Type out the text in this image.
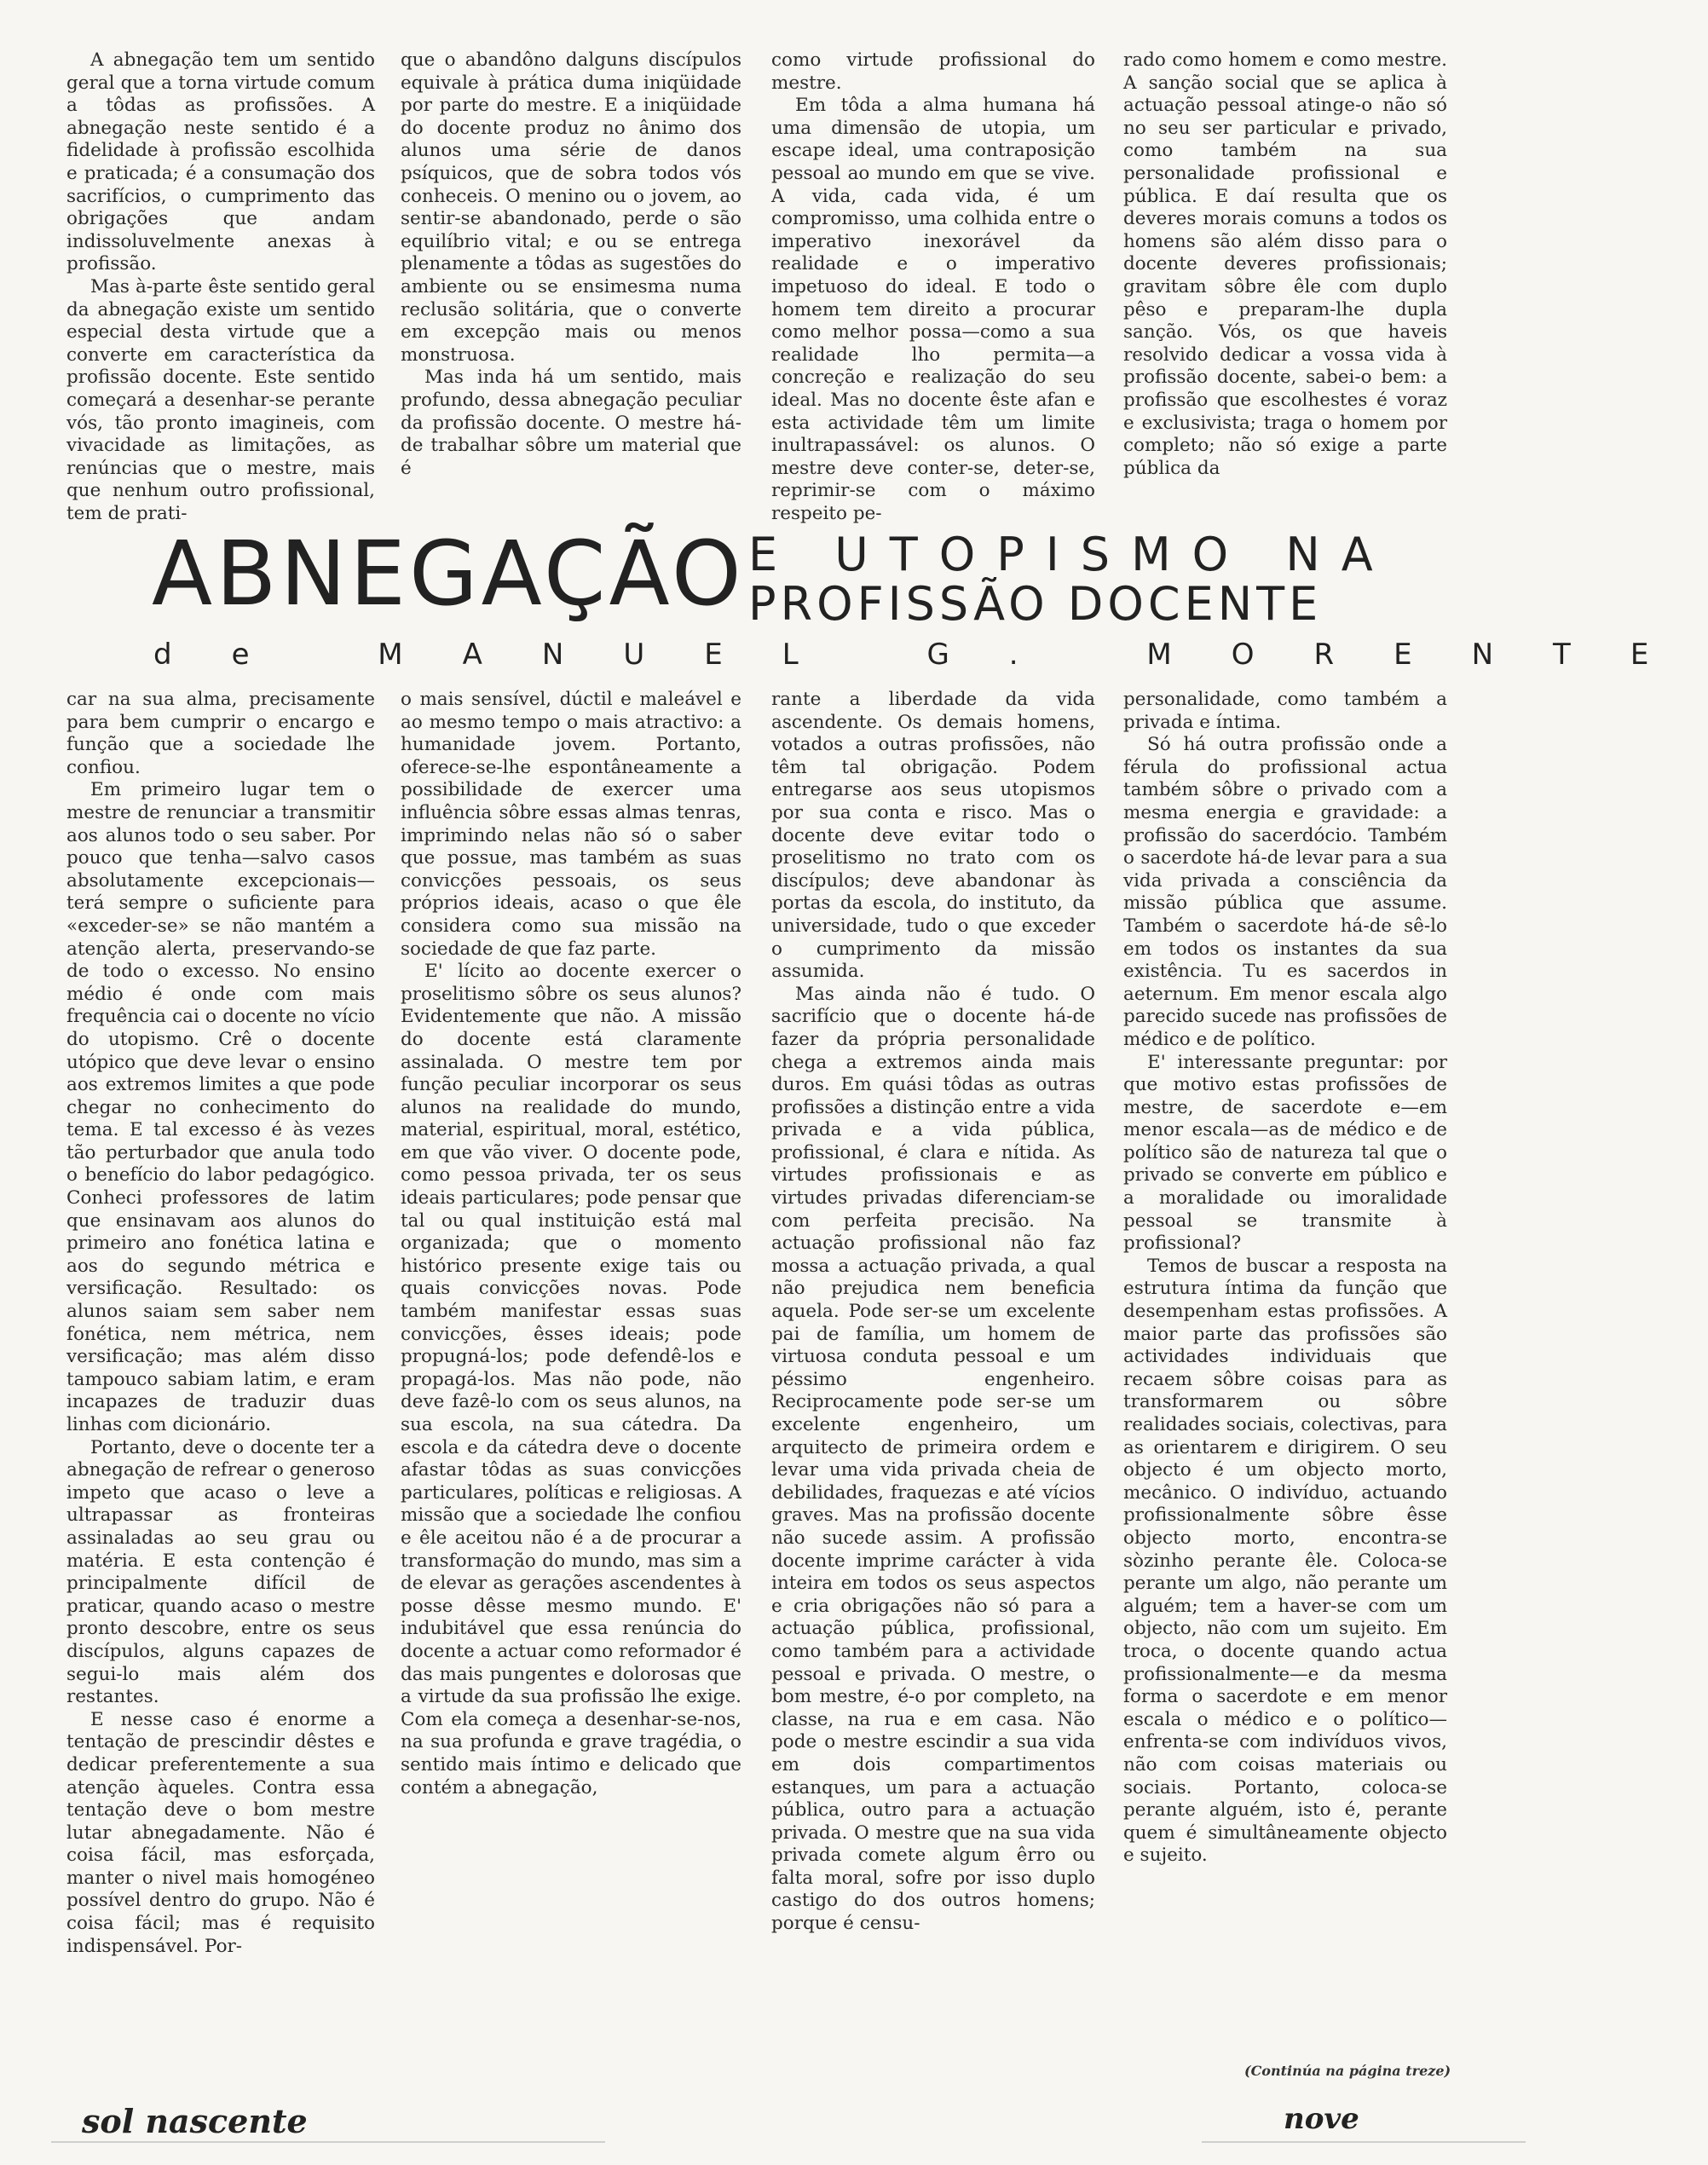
A abnegação tem um sentido geral que a torna virtude comum a tôdas as profissões. A abnegação neste sentido é a fidelidade à profissão escolhida e praticada; é a consumação dos sacrifícios, o cumprimento das obrigações que andam indissoluvelmente anexas à profissão.

Mas à-parte êste sentido geral da abnegação existe um sentido especial desta virtude que a converte em característica da profissão docente. Este sentido começará a desenhar-se perante vós, tão pronto imagineis, com vivacidade as limitações, as renúncias que o mestre, mais que nenhum outro profissional, tem de prati-

que o abandôno dalguns discípulos equivale à prática duma iniqüidade por parte do mestre. E a iniqüidade do docente produz no ânimo dos alunos uma série de danos psíquicos, que de sobra todos vós conheceis. O menino ou o jovem, ao sentir-se abandonado, perde o são equilíbrio vital; e ou se entrega plenamente a tôdas as sugestões do ambiente ou se ensimesma numa reclusão solitária, que o converte em excepção mais ou menos monstruosa.

Mas inda há um sentido, mais profundo, dessa abnegação peculiar da profissão docente. O mestre há-de trabalhar sôbre um material que é

como virtude profissional do mestre.

Em tôda a alma humana há uma dimensão de utopia, um escape ideal, uma contraposição pessoal ao mundo em que se vive. A vida, cada vida, é um compromisso, uma colhida entre o imperativo inexorável da realidade e o imperativo impetuoso do ideal. E todo o homem tem direito a procurar como melhor possa—como a sua realidade lho permita—a concreção e realização do seu ideal. Mas no docente êste afan e esta actividade têm um limite inultrapassável: os alunos. O mestre deve conter-se, deter-se, reprimir-se com o máximo respeito pe-

rado como homem e como mestre. A sanção social que se aplica à actuação pessoal atinge-o não só no seu ser particular e privado, como também na sua personalidade profissional e pública. E daí resulta que os deveres morais comuns a todos os homens são além disso para o docente deveres profissionais; gravitam sôbre êle com duplo pêso e preparam-lhe dupla sanção. Vós, os que haveis resolvido dedicar a vossa vida à profissão docente, sabei-o bem: a profissão que escolhestes é voraz e exclusivista; traga o homem por completo; não só exige a parte pública da

ABNEGAÇÃO E UTOPISMO NA
PROFISSÃO DOCENTE
de MANUEL G. MORENTE

car na sua alma, precisamente para bem cumprir o encargo e função que a sociedade lhe confiou.

Em primeiro lugar tem o mestre de renunciar a transmitir aos alunos todo o seu saber. Por pouco que tenha—salvo casos absolutamente excepcionais—terá sempre o suficiente para «exceder-se» se não mantém a atenção alerta, preservando-se de todo o excesso. No ensino médio é onde com mais frequência cai o docente no vício do utopismo. Crê o docente utópico que deve levar o ensino aos extremos limites a que pode chegar no conhecimento do tema. E tal excesso é às vezes tão perturbador que anula todo o benefício do labor pedagógico. Conheci professores de latim que ensinavam aos alunos do primeiro ano fonética latina e aos do segundo métrica e versificação. Resultado: os alunos saiam sem saber nem fonética, nem métrica, nem versificação; mas além disso tampouco sabiam latim, e eram incapazes de traduzir duas linhas com dicionário.

Portanto, deve o docente ter a abnegação de refrear o generoso impeto que acaso o leve a ultrapassar as fronteiras assinaladas ao seu grau ou matéria. E esta contenção é principalmente difícil de praticar, quando acaso o mestre pronto descobre, entre os seus discípulos, alguns capazes de segui-lo mais além dos restantes.

E nesse caso é enorme a tentação de prescindir dêstes e dedicar preferentemente a sua atenção àqueles. Contra essa tentação deve o bom mestre lutar abnegadamente. Não é coisa fácil, mas esforçada, manter o nivel mais homogéneo possível dentro do grupo. Não é coisa fácil; mas é requisito indispensável. Por-

o mais sensível, dúctil e maleável e ao mesmo tempo o mais atractivo: a humanidade jovem. Portanto, oferece-se-lhe espontâneamente a possibilidade de exercer uma influência sôbre essas almas tenras, imprimindo nelas não só o saber que possue, mas também as suas convicções pessoais, os seus próprios ideais, acaso o que êle considera como sua missão na sociedade de que faz parte.

E' lícito ao docente exercer o proselitismo sôbre os seus alunos? Evidentemente que não. A missão do docente está claramente assinalada. O mestre tem por função peculiar incorporar os seus alunos na realidade do mundo, material, espiritual, moral, estético, em que vão viver. O docente pode, como pessoa privada, ter os seus ideais particulares; pode pensar que tal ou qual instituição está mal organizada; que o momento histórico presente exige tais ou quais convicções novas. Pode também manifestar essas suas convicções, êsses ideais; pode propugná-los; pode defendê-los e propagá-los. Mas não pode, não deve fazê-lo com os seus alunos, na sua escola, na sua cátedra. Da escola e da cátedra deve o docente afastar tôdas as suas convicções particulares, políticas e religiosas. A missão que a sociedade lhe confiou e êle aceitou não é a de procurar a transformação do mundo, mas sim a de elevar as gerações ascendentes à posse dêsse mesmo mundo. E' indubitável que essa renúncia do docente a actuar como reformador é das mais pungentes e dolorosas que a virtude da sua profissão lhe exige. Com ela começa a desenhar-se-nos, na sua profunda e grave tragédia, o sentido mais íntimo e delicado que contém a abnegação,

rante a liberdade da vida ascendente. Os demais homens, votados a outras profissões, não têm tal obrigação. Podem entregarse aos seus utopismos por sua conta e risco. Mas o docente deve evitar todo o proselitismo no trato com os discípulos; deve abandonar às portas da escola, do instituto, da universidade, tudo o que exceder o cumprimento da missão assumida.

Mas ainda não é tudo. O sacrifício que o docente há-de fazer da própria personalidade chega a extremos ainda mais duros. Em quási tôdas as outras profissões a distinção entre a vida privada e a vida pública, profissional, é clara e nítida. As virtudes profissionais e as virtudes privadas diferenciam-se com perfeita precisão. Na actuação profissional não faz mossa a actuação privada, a qual não prejudica nem beneficia aquela. Pode ser-se um excelente pai de família, um homem de virtuosa conduta pessoal e um péssimo engenheiro. Reciprocamente pode ser-se um excelente engenheiro, um arquitecto de primeira ordem e levar uma vida privada cheia de debilidades, fraquezas e até vícios graves. Mas na profissão docente não sucede assim. A profissão docente imprime carácter à vida inteira em todos os seus aspectos e cria obrigações não só para a actuação pública, profissional, como também para a actividade pessoal e privada. O mestre, o bom mestre, é-o por completo, na classe, na rua e em casa. Não pode o mestre escindir a sua vida em dois compartimentos estanques, um para a actuação pública, outro para a actuação privada. O mestre que na sua vida privada comete algum êrro ou falta moral, sofre por isso duplo castigo do dos outros homens; porque é censu-

personalidade, como também a privada e íntima.

Só há outra profissão onde a férula do profissional actua também sôbre o privado com a mesma energia e gravidade: a profissão do sacerdócio. Também o sacerdote há-de levar para a sua vida privada a consciência da missão pública que assume. Também o sacerdote há-de sê-lo em todos os instantes da sua existência. Tu es sacerdos in aeternum. Em menor escala algo parecido sucede nas profissões de médico e de político.

E' interessante preguntar: por que motivo estas profissões de mestre, de sacerdote e—em menor escala—as de médico e de político são de natureza tal que o privado se converte em público e a moralidade ou imoralidade pessoal se transmite à profissional?

Temos de buscar a resposta na estrutura íntima da função que desempenham estas profissões. A maior parte das profissões são actividades individuais que recaem sôbre coisas para as transformarem ou sôbre realidades sociais, colectivas, para as orientarem e dirigirem. O seu objecto é um objecto morto, mecânico. O indivíduo, actuando profissionalmente sôbre êsse objecto morto, encontra-se sòzinho perante êle. Coloca-se perante um algo, não perante um alguém; tem a haver-se com um objecto, não com um sujeito. Em troca, o docente quando actua profissionalmente—e da mesma forma o sacerdote e em menor escala o médico e o político—enfrenta-se com indivíduos vivos, não com coisas materiais ou sociais. Portanto, coloca-se perante alguém, isto é, perante quem é simultâneamente objecto e sujeito.

(Continúa na página treze)
sol nascente	nove
